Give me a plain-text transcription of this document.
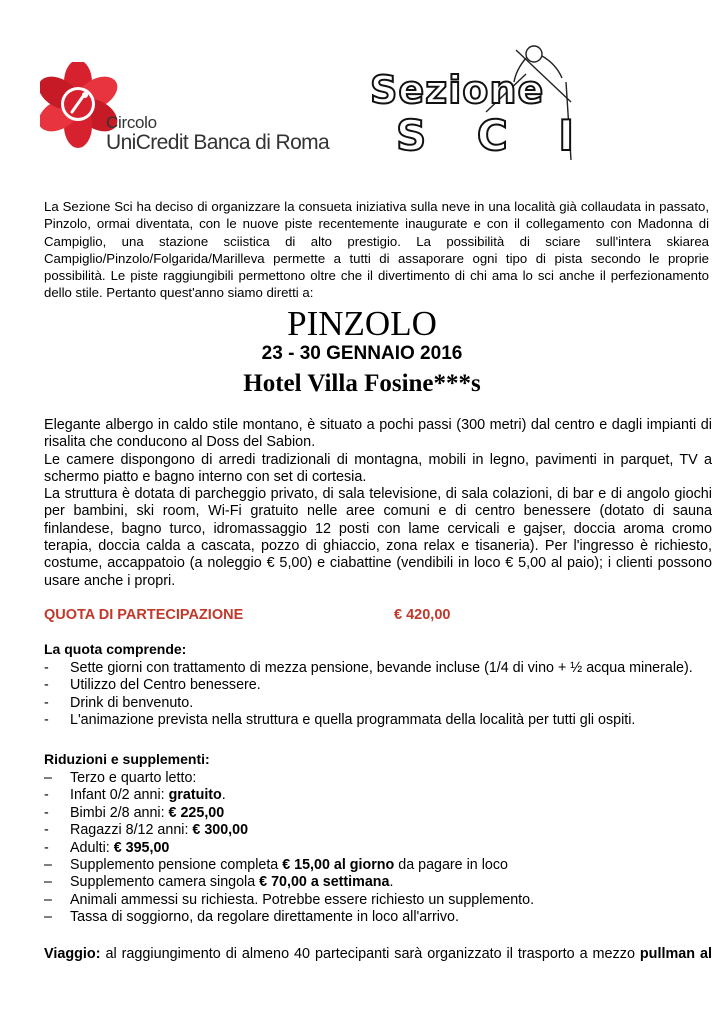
Circolo
UniCredit Banca di Roma
Sezione
S C I
La Sezione Sci ha deciso di organizzare la consueta iniziativa sulla neve in una località già collaudata in passato, Pinzolo, ormai diventata, con le nuove piste recentemente inaugurate e con il collegamento con Madonna di Campiglio, una stazione sciistica di alto prestigio. La possibilità di sciare sull'intera skiarea Campiglio/Pinzolo/Folgarida/Marilleva permette a tutti di assaporare ogni tipo di pista secondo le proprie possibilità. Le piste raggiungibili permettono oltre che il divertimento di chi ama lo sci anche il perfezionamento dello stile. Pertanto quest'anno siamo diretti a:
PINZOLO
23 - 30 GENNAIO 2016
Hotel Villa Fosine***s

Elegante albergo in caldo stile montano, è situato a pochi passi (300 metri) dal centro e dagli impianti di risalita che conducono al Doss del Sabion.

Le camere dispongono di arredi tradizionali di montagna, mobili in legno, pavimenti in parquet, TV a schermo piatto e bagno interno con set di cortesia.

La struttura è dotata di parcheggio privato, di sala televisione, di sala colazioni, di bar e di angolo giochi per bambini, ski room, Wi-Fi gratuito nelle aree comuni e di centro benessere (dotato di sauna finlandese, bagno turco, idromassaggio 12 posti con lame cervicali e gajser, doccia aroma cromo terapia, doccia calda a cascata, pozzo di ghiaccio, zona relax e tisaneria). Per l'ingresso è richiesto, costume, accappatoio (a noleggio € 5,00) e ciabattine (vendibili in loco € 5,00 al paio); i clienti possono usare anche i propri.

QUOTA DI PARTECIPAZIONE	€ 420,00
La quota comprende:
- Sette giorni con trattamento di mezza pensione, bevande incluse (1/4 di vino + ½ acqua minerale).
- Utilizzo del Centro benessere.
- Drink di benvenuto.
- L'animazione prevista nella struttura e quella programmata della località per tutti gli ospiti.
Riduzioni e supplementi:
– Terzo e quarto letto:
- Infant 0/2 anni: gratuito.
- Bimbi 2/8 anni: € 225,00
- Ragazzi 8/12 anni: € 300,00
- Adulti: € 395,00
– Supplemento pensione completa € 15,00 al giorno da pagare in loco
– Supplemento camera singola € 70,00 a settimana.
– Animali ammessi su richiesta. Potrebbe essere richiesto un supplemento.
– Tassa di soggiorno, da regolare direttamente in loco all'arrivo.
Viaggio: al raggiungimento di almeno 40 partecipanti sarà organizzato il trasporto a mezzo pullman al
